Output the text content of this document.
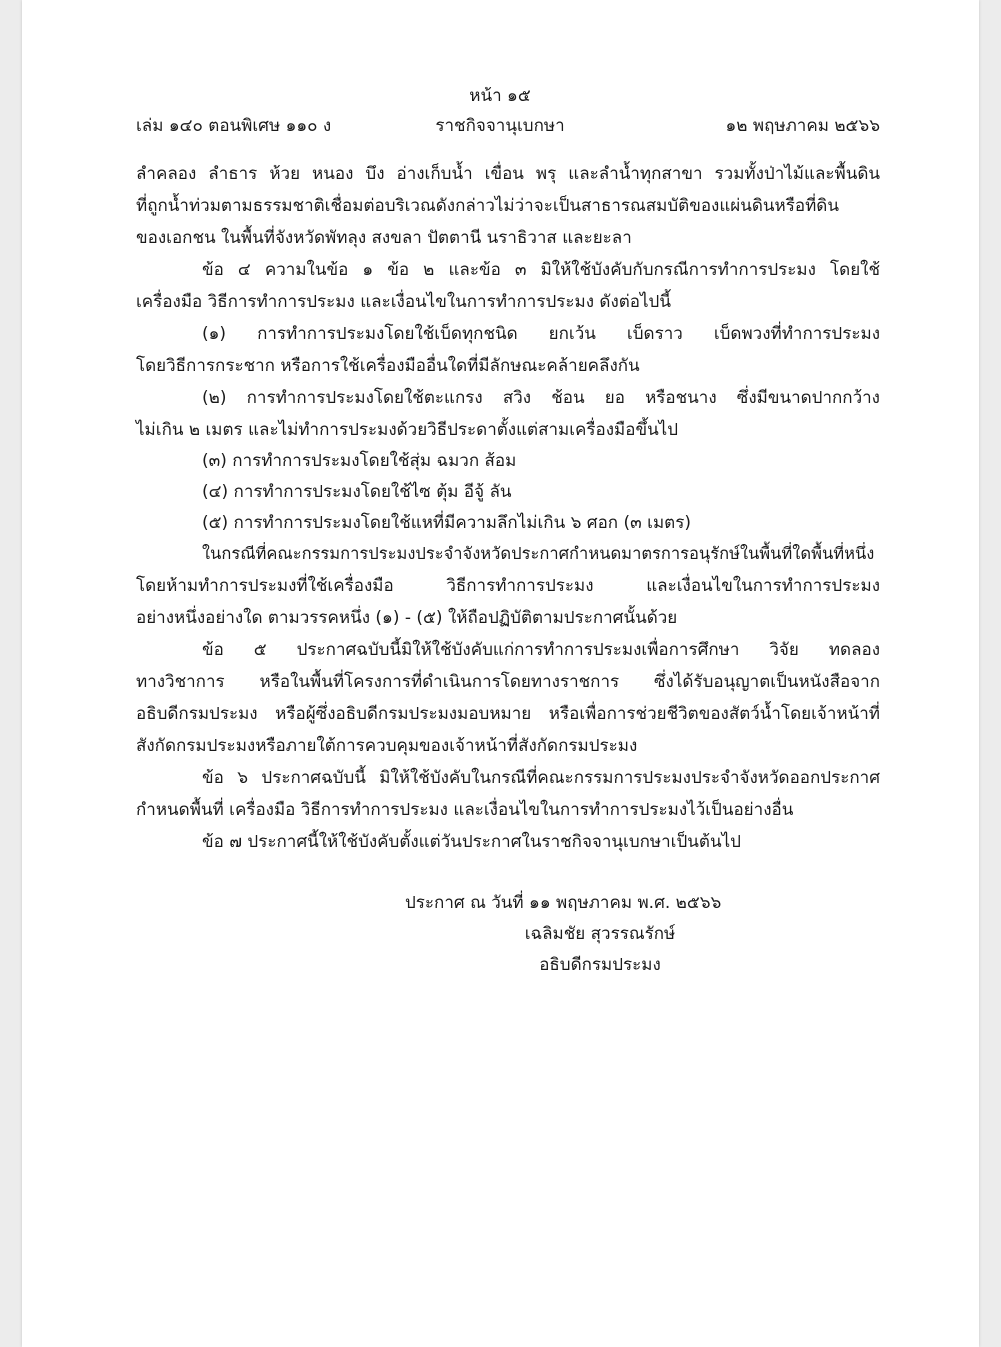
หน้า ๑๕
เล่ม ๑๔๐ ตอนพิเศษ ๑๑๐ ง	ราชกิจจานุเบกษา	๑๒ พฤษภาคม ๒๕๖๖
ลำคลอง ลำธาร ห้วย หนอง บึง อ่างเก็บน้ำ เขื่อน พรุ และลำน้ำทุกสาขา รวมทั้งป่าไม้และพื้นดิน
ที่ถูกน้ำท่วมตามธรรมชาติเชื่อมต่อบริเวณดังกล่าวไม่ว่าจะเป็นสาธารณสมบัติของแผ่นดินหรือที่ดิน
ของเอกชน ในพื้นที่จังหวัดพัทลุง สงขลา ปัตตานี นราธิวาส และยะลา
ข้อ ๔ ความในข้อ ๑ ข้อ ๒ และข้อ ๓ มิให้ใช้บังคับกับกรณีการทำการประมง โดยใช้
เครื่องมือ วิธีการทำการประมง และเงื่อนไขในการทำการประมง ดังต่อไปนี้
(๑) การทำการประมงโดยใช้เบ็ดทุกชนิด ยกเว้น เบ็ดราว เบ็ดพวงที่ทำการประมง
โดยวิธีการกระชาก หรือการใช้เครื่องมืออื่นใดที่มีลักษณะคล้ายคลึงกัน
(๒) การทำการประมงโดยใช้ตะแกรง สวิง ช้อน ยอ หรือชนาง ซึ่งมีขนาดปากกว้าง
ไม่เกิน ๒ เมตร และไม่ทำการประมงด้วยวิธีประดาตั้งแต่สามเครื่องมือขึ้นไป
(๓) การทำการประมงโดยใช้สุ่ม ฉมวก ส้อม
(๔) การทำการประมงโดยใช้ไซ ตุ้ม อีจู้ ลัน
(๕) การทำการประมงโดยใช้แหที่มีความลึกไม่เกิน ๖ ศอก (๓ เมตร)
ในกรณีที่คณะกรรมการประมงประจำจังหวัดประกาศกำหนดมาตรการอนุรักษ์ในพื้นที่ใดพื้นที่หนึ่ง
โดยห้ามทำการประมงที่ใช้เครื่องมือ วิธีการทำการประมง และเงื่อนไขในการทำการประมง
อย่างหนึ่งอย่างใด ตามวรรคหนึ่ง (๑) - (๕) ให้ถือปฏิบัติตามประกาศนั้นด้วย
ข้อ ๕ ประกาศฉบับนี้มิให้ใช้บังคับแก่การทำการประมงเพื่อการศึกษา วิจัย ทดลอง
ทางวิชาการ หรือในพื้นที่โครงการที่ดำเนินการโดยทางราชการ ซึ่งได้รับอนุญาตเป็นหนังสือจาก
อธิบดีกรมประมง หรือผู้ซึ่งอธิบดีกรมประมงมอบหมาย หรือเพื่อการช่วยชีวิตของสัตว์น้ำโดยเจ้าหน้าที่
สังกัดกรมประมงหรือภายใต้การควบคุมของเจ้าหน้าที่สังกัดกรมประมง
ข้อ ๖ ประกาศฉบับนี้ มิให้ใช้บังคับในกรณีที่คณะกรรมการประมงประจำจังหวัดออกประกาศ
กำหนดพื้นที่ เครื่องมือ วิธีการทำการประมง และเงื่อนไขในการทำการประมงไว้เป็นอย่างอื่น
ข้อ ๗ ประกาศนี้ให้ใช้บังคับตั้งแต่วันประกาศในราชกิจจานุเบกษาเป็นต้นไป
ประกาศ ณ วันที่ ๑๑ พฤษภาคม พ.ศ. ๒๕๖๖
เฉลิมชัย สุวรรณรักษ์
อธิบดีกรมประมง
